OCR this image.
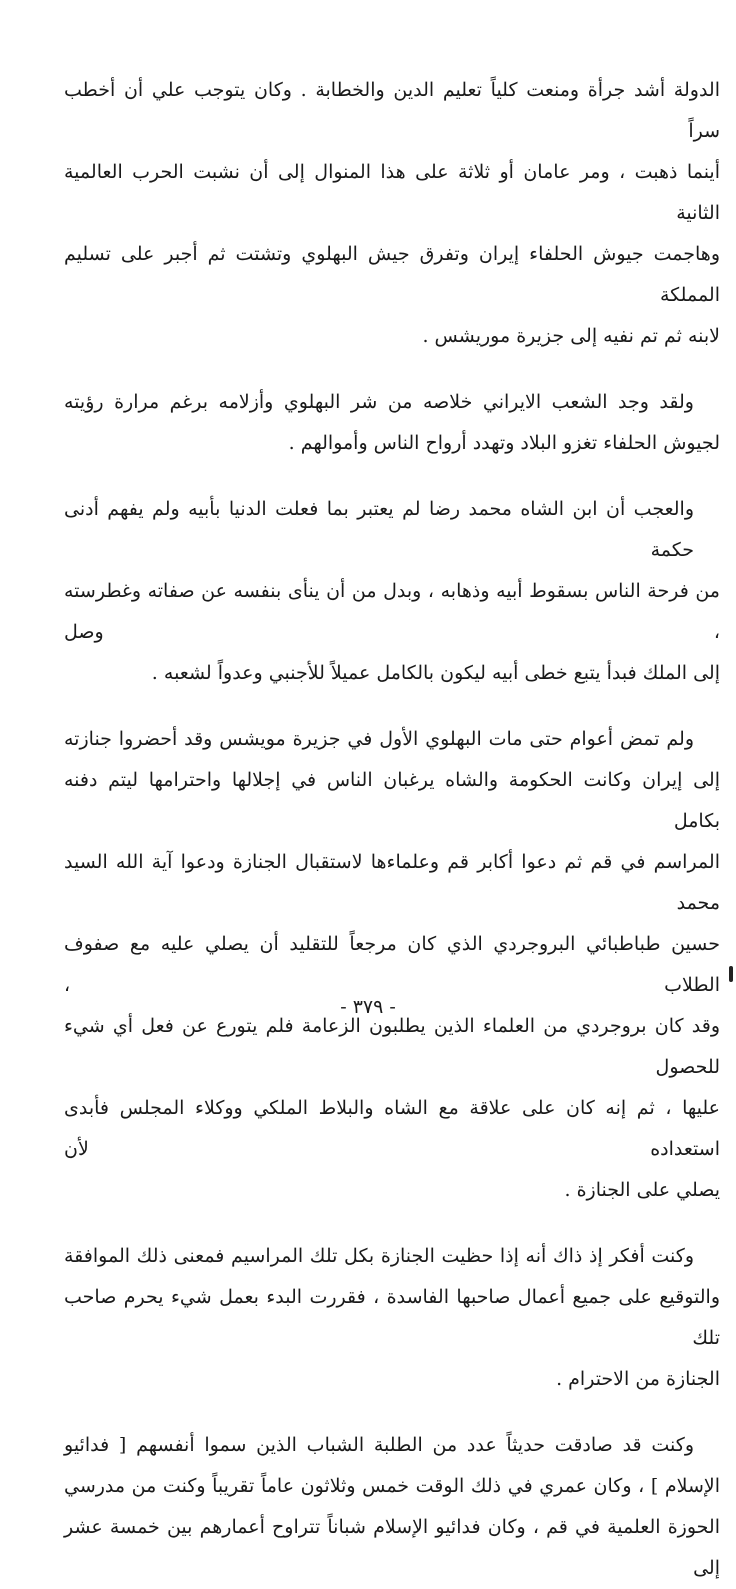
الدولة أشد جرأة ومنعت كلياً تعليم الدين والخطابة . وكان يتوجب علي أن أخطب سراً
أينما ذهبت ، ومر عامان أو ثلاثة على هذا المنوال إلى أن نشبت الحرب العالمية الثانية
وهاجمت جيوش الحلفاء إيران وتفرق جيش البهلوي وتشتت ثم أجبر على تسليم المملكة
لابنه ثم تم نفيه إلى جزيرة موريشس .

ولقد وجد الشعب الايراني خلاصه من شر البهلوي وأزلامه برغم مرارة رؤيته
لجيوش الحلفاء تغزو البلاد وتهدد أرواح الناس وأموالهم .

والعجب أن ابن الشاه محمد رضا لم يعتبر بما فعلت الدنيا بأبيه ولم يفهم أدنى حكمة
من فرحة الناس بسقوط أبيه وذهابه ، وبدل من أن ينأى بنفسه عن صفاته وغطرسته ، وصل
إلى الملك فبدأ يتبع خطى أبيه ليكون بالكامل عميلاً للأجنبي وعدواً لشعبه .

ولم تمض أعوام حتى مات البهلوي الأول في جزيرة مويشس وقد أحضروا جنازته
إلى إيران وكانت الحكومة والشاه يرغبان الناس في إجلالها واحترامها ليتم دفنه بكامل
المراسم في قم ثم دعوا أكابر قم وعلماءها لاستقبال الجنازة ودعوا آية الله السيد محمد
حسين طباطبائي البروجردي الذي كان مرجعاً للتقليد أن يصلي عليه مع صفوف الطلاب ،
وقد كان بروجردي من العلماء الذين يطلبون الزعامة فلم يتورع عن فعل أي شيء للحصول
عليها ، ثم إنه كان على علاقة مع الشاه والبلاط الملكي ووكلاء المجلس فأبدى استعداده لأن
يصلي على الجنازة .

وكنت أفكر إذ ذاك أنه إذا حظيت الجنازة بكل تلك المراسيم فمعنى ذلك الموافقة
والتوقيع على جميع أعمال صاحبها الفاسدة ، فقررت البدء بعمل شيء يحرم صاحب تلك
الجنازة من الاحترام .

وكنت قد صادقت حديثاً عدد من الطلبة الشباب الذين سموا أنفسهم [ فدائيو
الإسلام ] ، وكان عمري في ذلك الوقت خمس وثلاثون عاماً تقريباً وكنت من مدرسي
الحوزة العلمية في قم ، وكان فدائيو الإسلام شباناً تتراوح أعمارهم بين خمسة عشر إلى

- ٣٧٩ -
